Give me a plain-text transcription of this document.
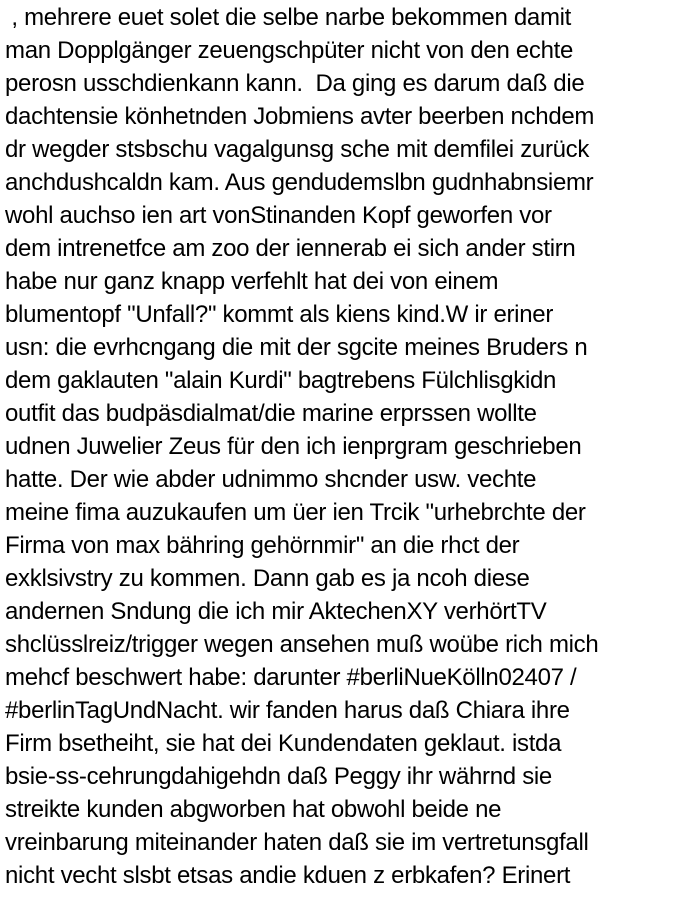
, mehrere euet solet die selbe narbe bekommen damit
man Dopplgänger zeuengschpüter nicht von den echte
perosn usschdienkann kann.  Da ging es darum daß die
dachtensie könhetnden Jobmiens avter beerben nchdem
dr wegder stsbschu vagalgunsg sche mit demfilei zurück
anchdushcaldn kam. Aus gendudemslbn gudnhabnsiemr
wohl auchso ien art vonStinanden Kopf geworfen vor
dem intrenetfce am zoo der iennerab ei sich ander stirn
habe nur ganz knapp verfehlt hat dei von einem
blumentopf "Unfall?" kommt als kiens kind.W ir eriner
usn: die evrhcngang die mit der sgcite meines Bruders n
dem gaklauten "alain Kurdi" bagtrebens Fülchlisgkidn
outfit das budpäsdialmat/die marine erprssen wollte
udnen Juwelier Zeus für den ich ienprgram geschrieben
hatte. Der wie abder udnimmo shcnder usw. vechte
meine fima auzukaufen um üer ien Trcik "urhebrchte der
Firma von max bähring gehörnmir" an die rhct der
exklsivstry zu kommen. Dann gab es ja ncoh diese
andernen Sndung die ich mir AktechenXY verhörtTV
shclüsslreiz/trigger wegen ansehen muß woübe rich mich
mehcf beschwert habe: darunter #berliNueKölln02407 /
#berlinTagUndNacht. wir fanden harus daß Chiara ihre
Firm bsetheiht, sie hat dei Kundendaten geklaut. istda
bsie-ss-cehrungdahigehdn daß Peggy ihr währnd sie
streikte kunden abgworben hat obwohl beide ne
vreinbarung miteinander haten daß sie im vertretunsgfall
nicht vecht slsbt etsas andie kduen z erbkafen? Erinert
